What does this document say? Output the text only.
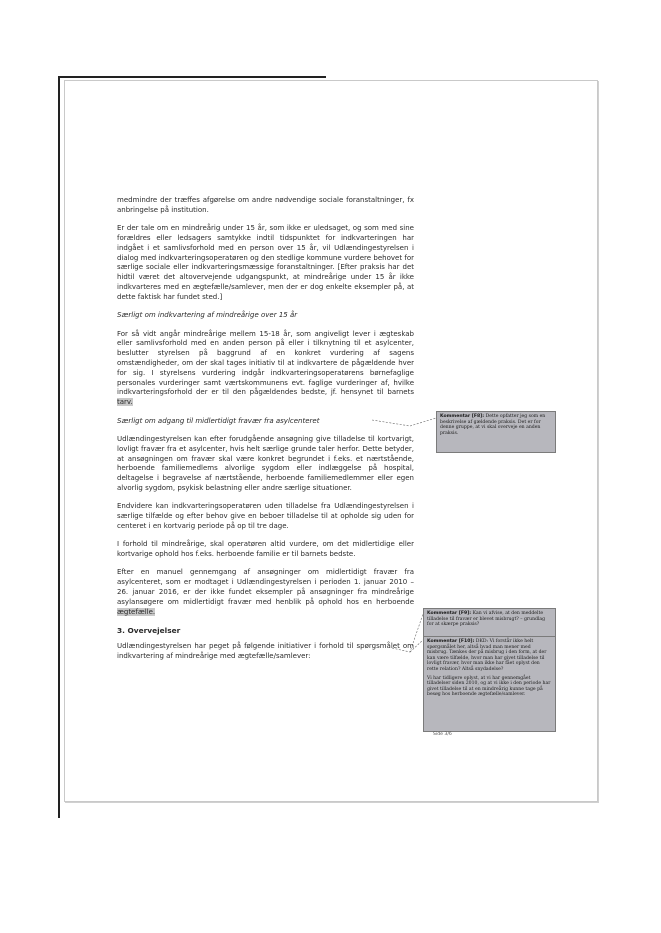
medmindre der træffes afgørelse om andre nødvendige sociale foranstaltninger, fx anbringelse på institution.

Er der tale om en mindreårig under 15 år, som ikke er uledsaget, og som med sine forældres eller ledsagers samtykke indtil tidspunktet for indkvarteringen har indgået i et samlivsforhold med en person over 15 år, vil Udlændingestyrelsen i dialog med indkvarteringsoperatøren og den stedlige kommune vurdere behovet for særlige sociale eller indkvarteringsmæssige foranstaltninger. [Efter praksis har det hidtil været det altovervejende udgangspunkt, at mindreårige under 15 år ikke indkvarteres med en ægtefælle/samlever, men der er dog enkelte eksempler på, at dette faktisk har fundet sted.]

Særligt om indkvartering af mindreårige over 15 år

For så vidt angår mindreårige mellem 15-18 år, som angiveligt lever i ægteskab eller samlivsforhold med en anden person på eller i tilknytning til et asylcenter, beslutter styrelsen på baggrund af en konkret vurdering af sagens omstændigheder, om der skal tages initiativ til at indkvartere de pågældende hver for sig. I styrelsens vurdering indgår indkvarteringsoperatørens børnefaglige personales vurderinger samt værtskommunens evt. faglige vurderinger af, hvilke indkvarteringsforhold der er til den pågældendes bedste, jf. hensynet til barnets tarv.

Særligt om adgang til midlertidigt fravær fra asylcenteret

Udlændingestyrelsen kan efter forudgående ansøgning give tilladelse til kortvarigt, lovligt fravær fra et asylcenter, hvis helt særlige grunde taler herfor. Dette betyder, at ansøgningen om fravær skal være konkret begrundet i f.eks. et nærtstående, herboende familiemedlems alvorlige sygdom eller indlæggelse på hospital, deltagelse i begravelse af nærtstående, herboende familiemedlemmer eller egen alvorlig sygdom, psykisk belastning eller andre særlige situationer.

Endvidere kan indkvarteringsoperatøren uden tilladelse fra Udlændingestyrelsen i særlige tilfælde og efter behov give en beboer tilladelse til at opholde sig uden for centeret i en kortvarig periode på op til tre dage.

I forhold til mindreårige, skal operatøren altid vurdere, om det midlertidige eller kortvarige ophold hos f.eks. herboende familie er til barnets bedste.

Efter en manuel gennemgang af ansøgninger om midlertidigt fravær fra asylcenteret, som er modtaget i Udlændingestyrelsen i perioden 1. januar 2010 – 26. januar 2016, er der ikke fundet eksempler på ansøgninger fra mindreårige asylansøgere om midlertidigt fravær med henblik på ophold hos en herboende ægtefælle.

3. Overvejelser

Udlændingestyrelsen har peget på følgende initiativer i forhold til spørgsmålet om indkvartering af mindreårige med ægtefælle/samlever:

Kommentar [F8]: Dette opfatter jeg som en beskrivelse af gældende praksis. Det er for denne gruppe, at vi skal overveje en anden praksis.
Kommentar [F9]: Kan vi afvise, at den meddelte tilladelse til fravær er blevet misbrugt? – grundlag for at skærpe praksis?

Kommentar [F10]: DKD: Vi forstår ikke helt spørgsmålet her, altså hvad man mener med misbrug. Tænkes der på misbrug i den form, at der kan være tilfælde, hvor man har givet tilladelse til lovligt fravær, hvor man ikke har fået oplyst den rette relation? Altså snydadelse?

Vi har tidligere oplyst, at vi har gennemgået tilladelser siden 2010, og at vi ikke i den periode har givet tilladelse til at en mindreårig kunne tage på besøg hos herboende ægtefælle/samlever.

Side 3/6
